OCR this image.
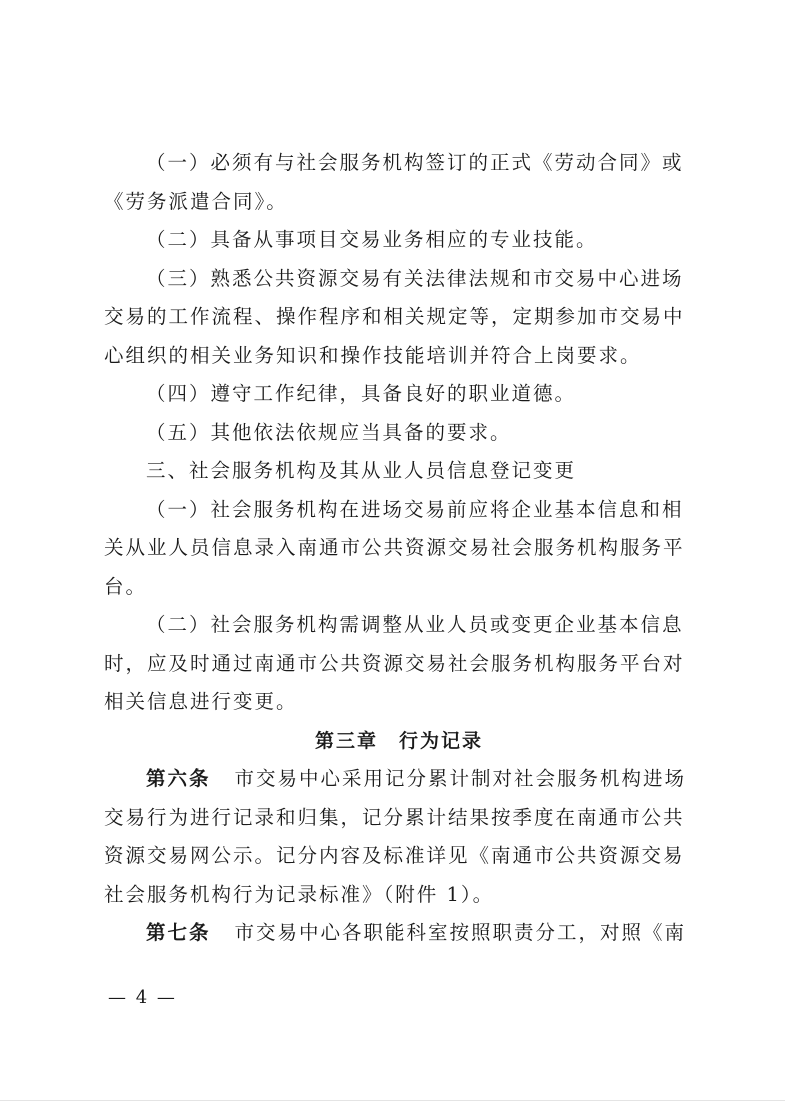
（一）必须有与社会服务机构签订的正式《劳动合同》或
《劳务派遣合同》。
（二）具备从事项目交易业务相应的专业技能。
（三）熟悉公共资源交易有关法律法规和市交易中心进场
交易的工作流程、操作程序和相关规定等，定期参加市交易中
心组织的相关业务知识和操作技能培训并符合上岗要求。
（四）遵守工作纪律，具备良好的职业道德。
（五）其他依法依规应当具备的要求。
三、社会服务机构及其从业人员信息登记变更
（一）社会服务机构在进场交易前应将企业基本信息和相
关从业人员信息录入南通市公共资源交易社会服务机构服务平
台。
（二）社会服务机构需调整从业人员或变更企业基本信息
时，应及时通过南通市公共资源交易社会服务机构服务平台对
相关信息进行变更。
第三章　行为记录
第六条 市交易中心采用记分累计制对社会服务机构进场
交易行为进行记录和归集，记分累计结果按季度在南通市公共
资源交易网公示。记分内容及标准详见《南通市公共资源交易
社会服务机构行为记录标准》（附件 1）。
第七条 市交易中心各职能科室按照职责分工，对照《南
— 4 —
